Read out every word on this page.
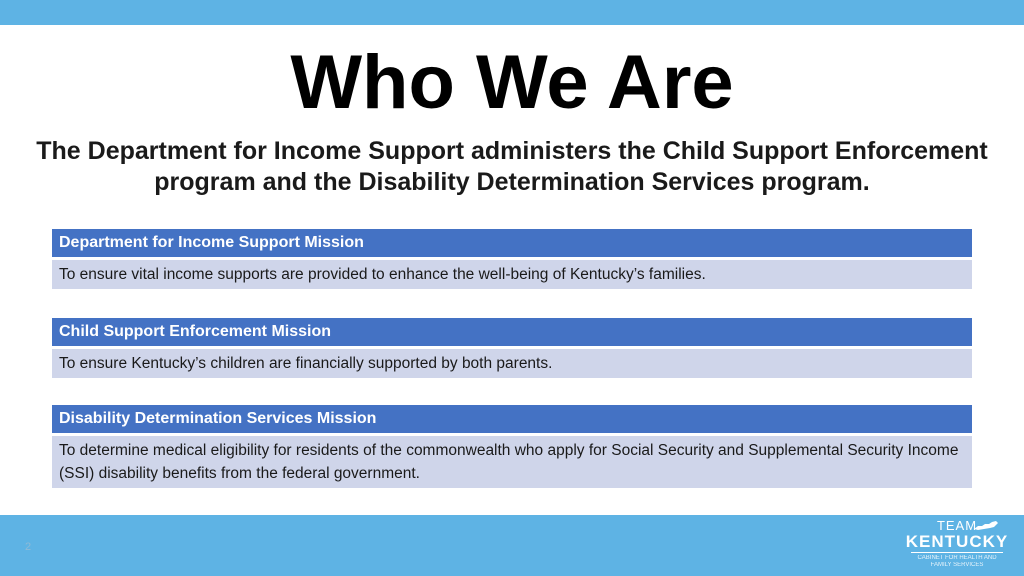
Who We Are

The Department for Income Support administers the Child Support Enforcement program and the Disability Determination Services program.

Department for Income Support Mission
To ensure vital income supports are provided to enhance the well-being of Kentucky’s families.
Child Support Enforcement Mission
To ensure Kentucky’s children are financially supported by both parents.
Disability Determination Services Mission
To determine medical eligibility for residents of the commonwealth who apply for Social Security and Supplemental Security Income (SSI) disability benefits from the federal government.
2
TEAM
KENTUCKY
CABINET FOR HEALTH AND
FAMILY SERVICES
